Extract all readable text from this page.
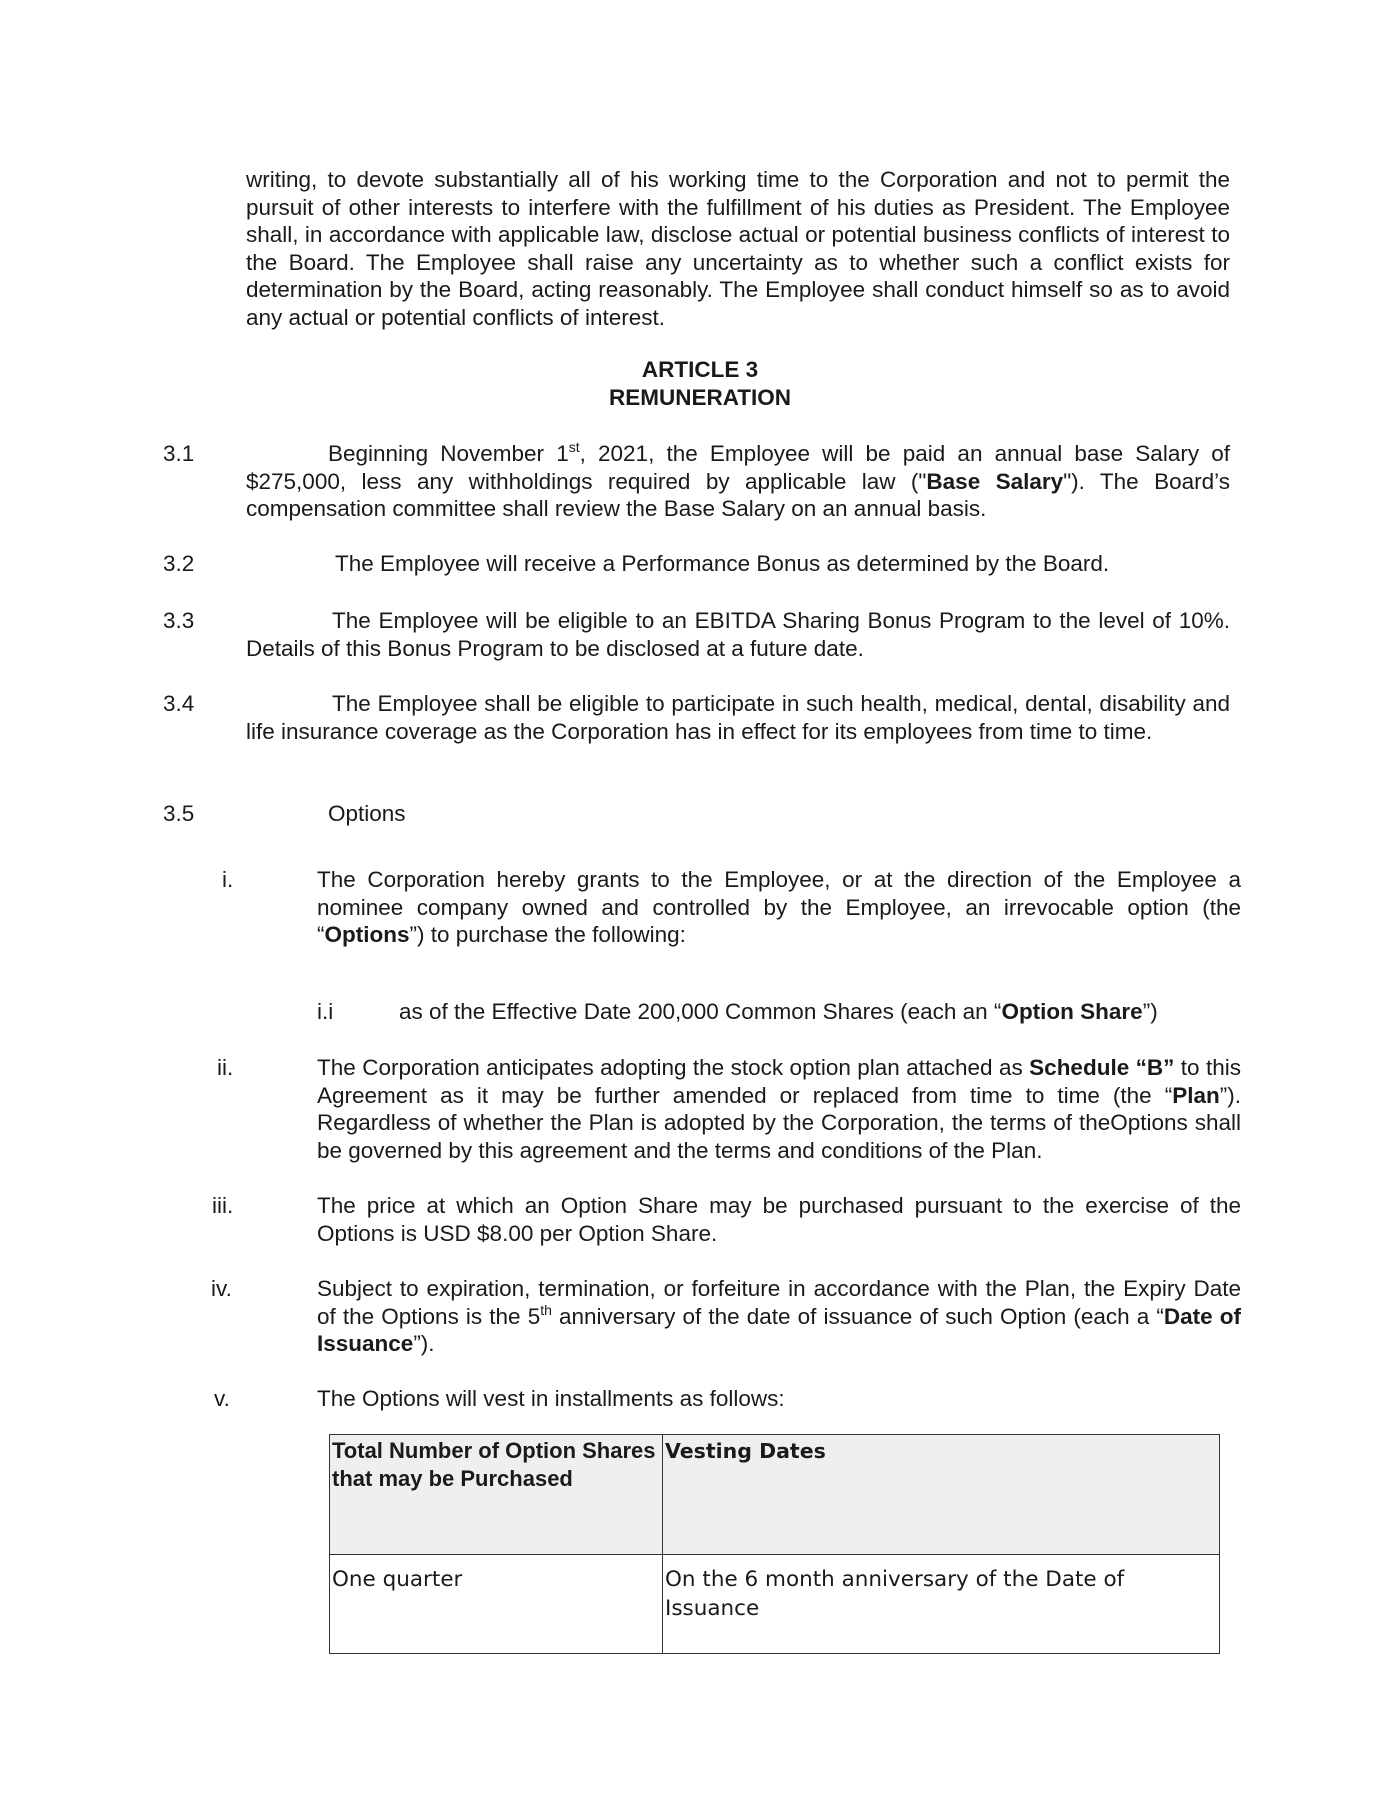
writing, to devote substantially all of his working time to the Corporation and not to permit the pursuit of other interests to interfere with the fulfillment of his duties as President. The Employee shall, in accordance with applicable law, disclose actual or potential business conflicts of interest to the Board. The Employee shall raise any uncertainty as to whether such a conflict exists for determination by the Board, acting reasonably. The Employee shall conduct himself so as to avoid any actual or potential conflicts of interest.
ARTICLE 3
REMUNERATION
3.1	Beginning November 1st, 2021, the Employee will be paid an annual base Salary of $275,000, less any withholdings required by applicable law ("Base Salary"). The Board’s compensation committee shall review the Base Salary on an annual basis.
3.2	The Employee will receive a Performance Bonus as determined by the Board.
3.3	The Employee will be eligible to an EBITDA Sharing Bonus Program to the level of 10%. Details of this Bonus Program to be disclosed at a future date.
3.4	The Employee shall be eligible to participate in such health, medical, dental, disability and life insurance coverage as the Corporation has in effect for its employees from time to time.
3.5	Options
i.	The Corporation hereby grants to the Employee, or at the direction of the Employee a nominee company owned and controlled by the Employee, an irrevocable option (the “Options”) to purchase the following:
i.i	as of the Effective Date 200,000 Common Shares (each an “Option Share”)
ii.	The Corporation anticipates adopting the stock option plan attached as Schedule “B” to this Agreement as it may be further amended or replaced from time to time (the “Plan”). Regardless of whether the Plan is adopted by the Corporation, the terms of theOptions shall be governed by this agreement and the terms and conditions of the Plan.
iii.	The price at which an Option Share may be purchased pursuant to the exercise of the Options is USD $8.00 per Option Share.
iv.	Subject to expiration, termination, or forfeiture in accordance with the Plan, the Expiry Date of the Options is the 5th anniversary of the date of issuance of such Option (each a “Date of Issuance”).
v.	The Options will vest in installments as follows:
Total Number of Option Shares that may be Purchased	Vesting Dates
One quarter	On the 6 month anniversary of the Date of Issuance
